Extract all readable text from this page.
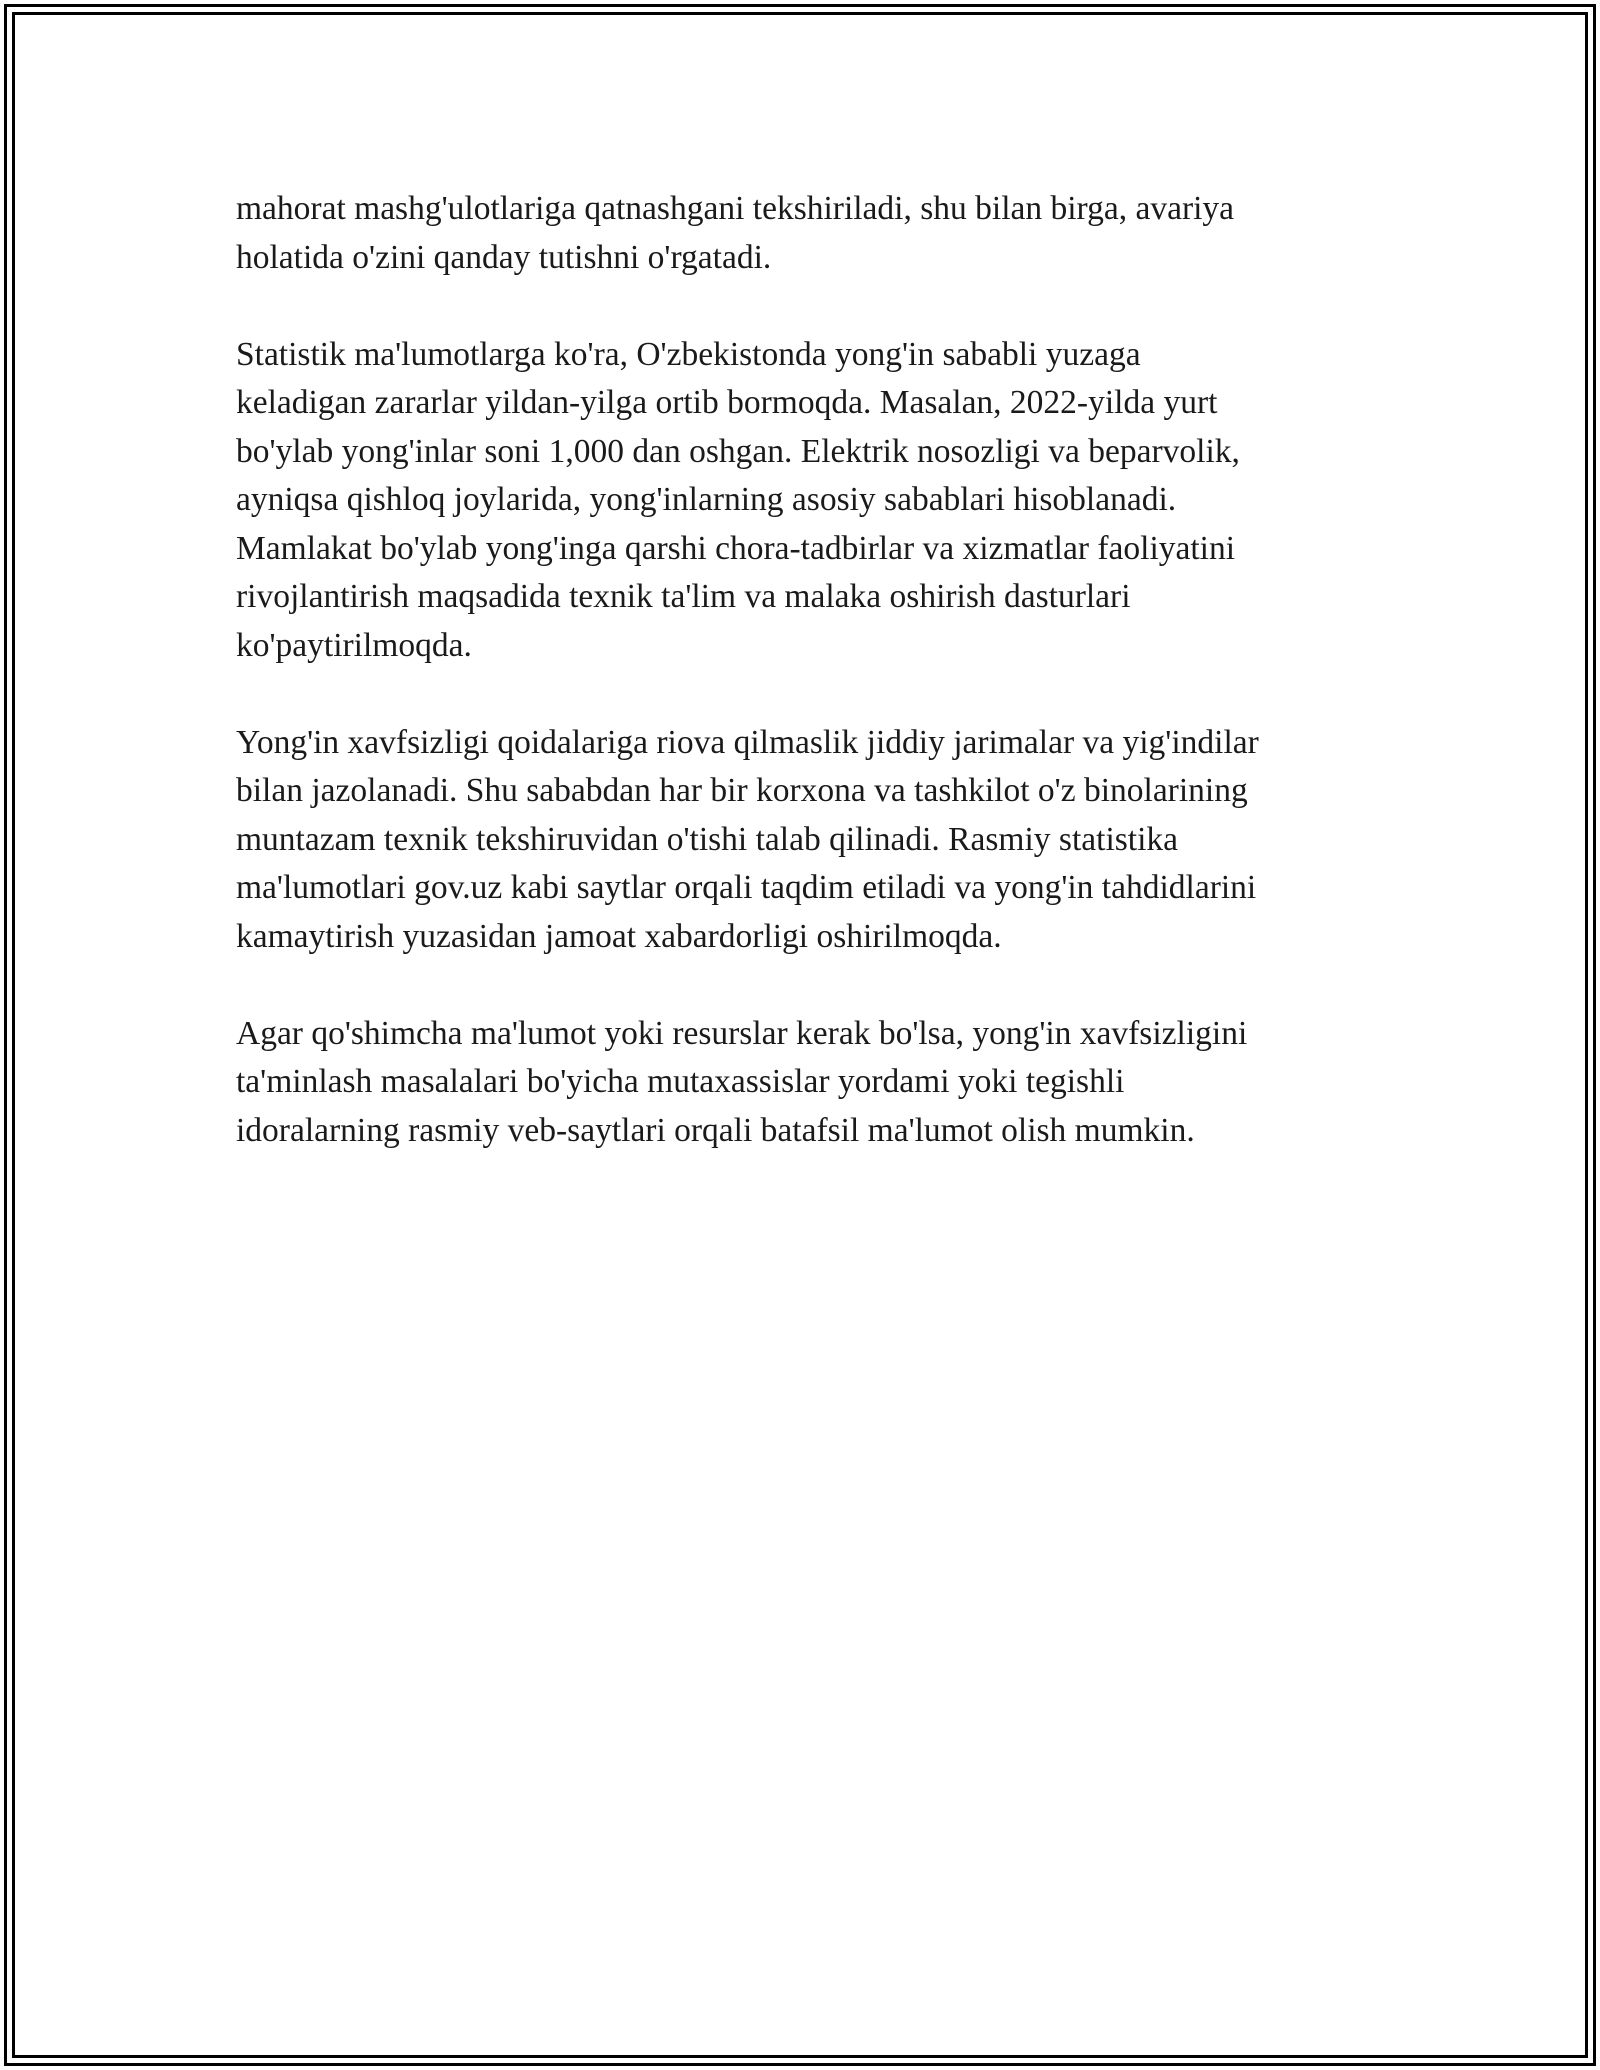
mahorat mashg'ulotlariga qatnashgani tekshiriladi, shu bilan birga, avariya
holatida o'zini qanday tutishni o'rgatadi.

Statistik ma'lumotlarga ko'ra, O'zbekistonda yong'in sababli yuzaga
keladigan zararlar yildan-yilga ortib bormoqda. Masalan, 2022-yilda yurt
bo'ylab yong'inlar soni 1,000 dan oshgan. Elektrik nosozligi va beparvolik,
ayniqsa qishloq joylarida, yong'inlarning asosiy sabablari hisoblanadi.
Mamlakat bo'ylab yong'inga qarshi chora-tadbirlar va xizmatlar faoliyatini
rivojlantirish maqsadida texnik ta'lim va malaka oshirish dasturlari
ko'paytirilmoqda.

Yong'in xavfsizligi qoidalariga riova qilmaslik jiddiy jarimalar va yig'indilar
bilan jazolanadi. Shu sababdan har bir korxona va tashkilot o'z binolarining
muntazam texnik tekshiruvidan o'tishi talab qilinadi. Rasmiy statistika
ma'lumotlari gov.uz kabi saytlar orqali taqdim etiladi va yong'in tahdidlarini
kamaytirish yuzasidan jamoat xabardorligi oshirilmoqda.

Agar qo'shimcha ma'lumot yoki resurslar kerak bo'lsa, yong'in xavfsizligini
ta'minlash masalalari bo'yicha mutaxassislar yordami yoki tegishli
idoralarning rasmiy veb-saytlari orqali batafsil ma'lumot olish mumkin.
